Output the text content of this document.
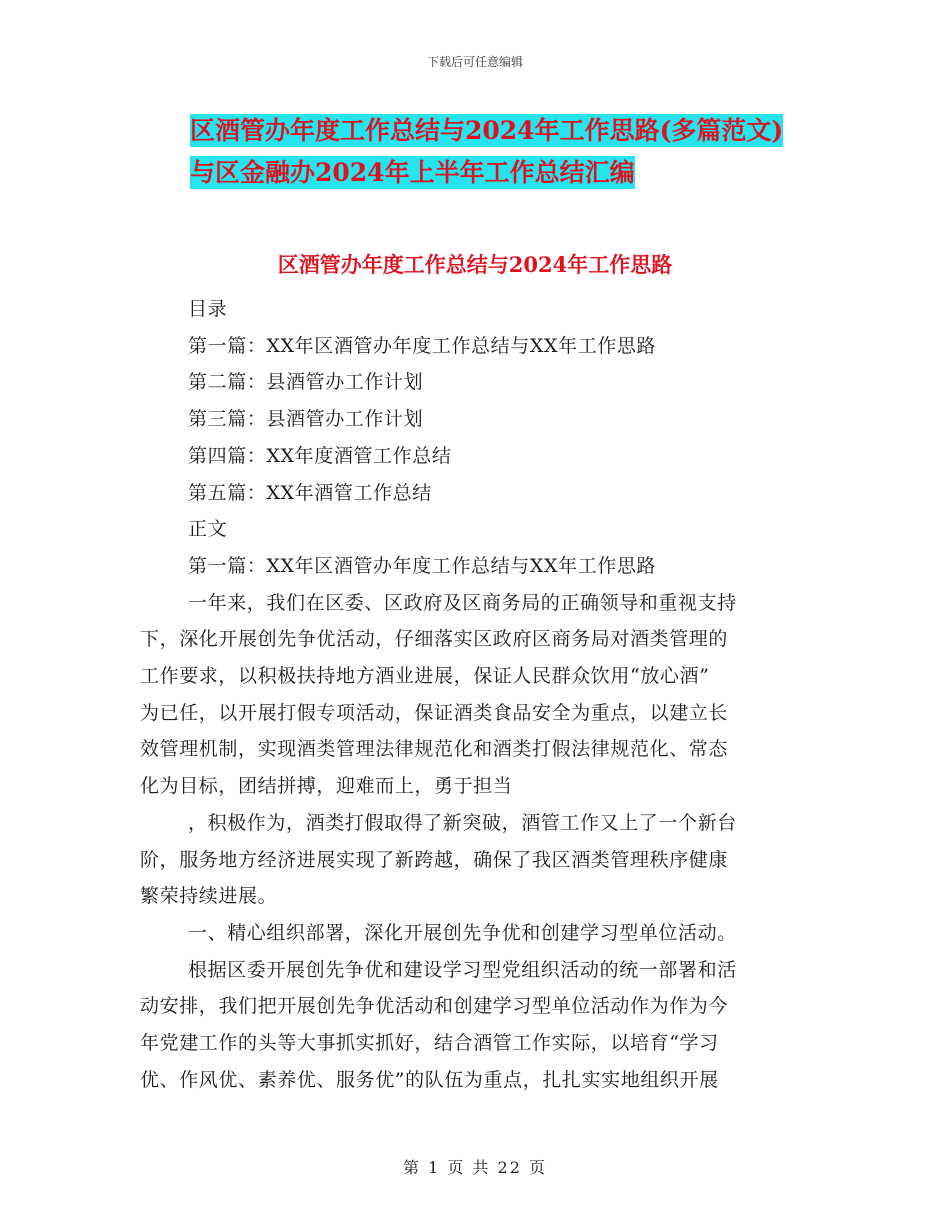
下载后可任意编辑
区酒管办年度工作总结与2024年工作思路(多篇范文)
与区金融办2024年上半年工作总结汇编
区酒管办年度工作总结与2024年工作思路
目录
第一篇：XX年区酒管办年度工作总结与XX年工作思路
第二篇：县酒管办工作计划
第三篇：县酒管办工作计划
第四篇：XX年度酒管工作总结
第五篇：XX年酒管工作总结
正文
第一篇：XX年区酒管办年度工作总结与XX年工作思路
一年来，我们在区委、区政府及区商务局的正确领导和重视支持
下，深化开展创先争优活动，仔细落实区政府区商务局对酒类管理的
工作要求，以积极扶持地方酒业进展，保证人民群众饮用“放心酒”
为已任，以开展打假专项活动，保证酒类食品安全为重点，以建立长
效管理机制，实现酒类管理法律规范化和酒类打假法律规范化、常态
化为目标，团结拼搏，迎难而上，勇于担当
，积极作为，酒类打假取得了新突破，酒管工作又上了一个新台
阶，服务地方经济进展实现了新跨越，确保了我区酒类管理秩序健康
繁荣持续进展。
一、精心组织部署，深化开展创先争优和创建学习型单位活动。
根据区委开展创先争优和建设学习型党组织活动的统一部署和活
动安排，我们把开展创先争优活动和创建学习型单位活动作为作为今
年党建工作的头等大事抓实抓好，结合酒管工作实际，以培育“学习
优、作风优、素养优、服务优”的队伍为重点，扎扎实实地组织开展
第 1 页 共 22 页
